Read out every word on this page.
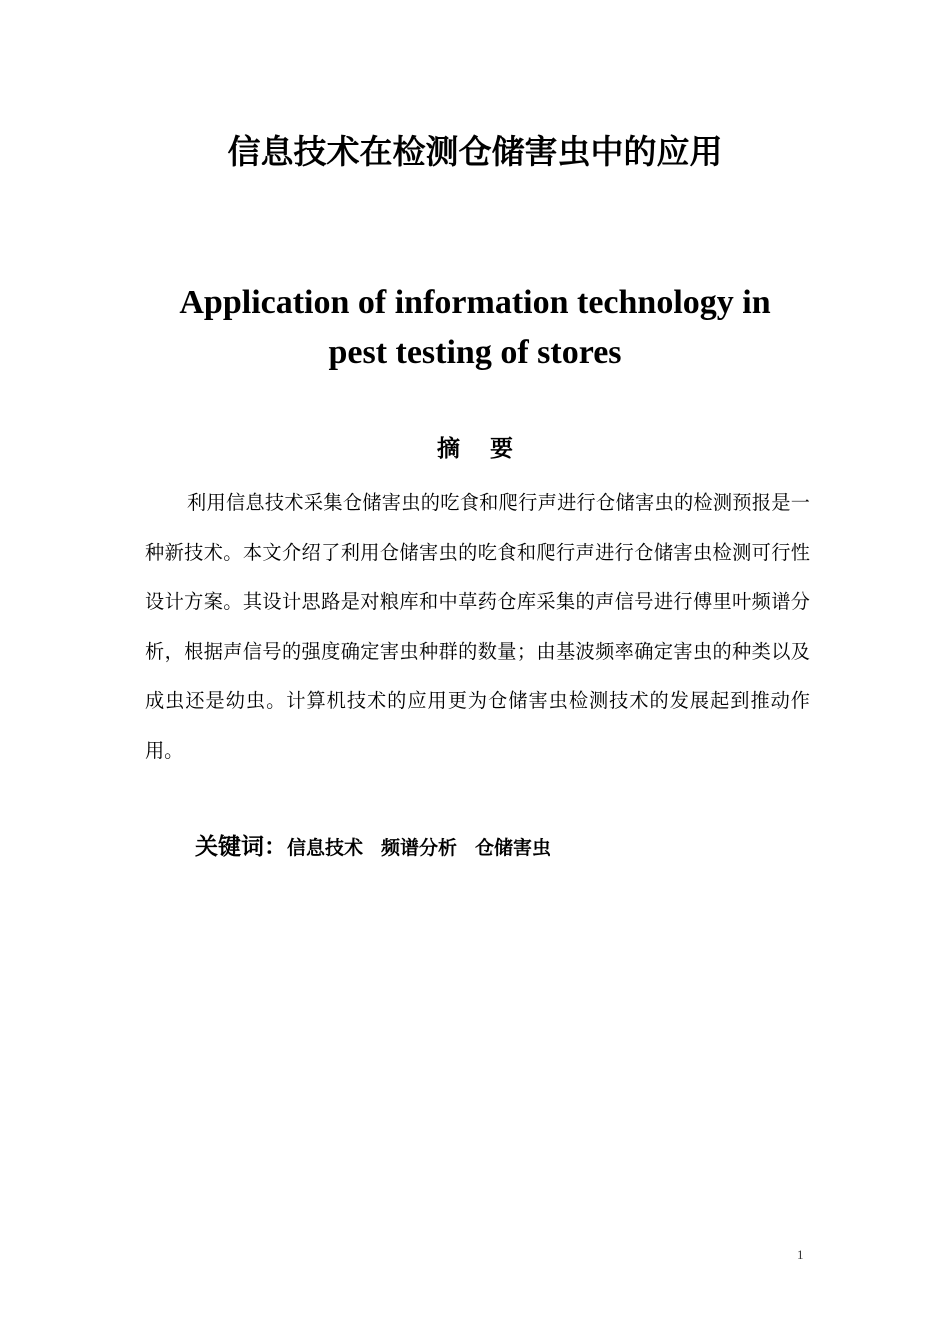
信息技术在检测仓储害虫中的应用
Application of information technology in
pest testing of stores
摘要

利用信息技术采集仓储害虫的吃食和爬行声进行仓储害虫的检测预报是一种新技术。本文介绍了利用仓储害虫的吃食和爬行声进行仓储害虫检测可行性设计方案。其设计思路是对粮库和中草药仓库采集的声信号进行傅里叶频谱分析，根据声信号的强度确定害虫种群的数量；由基波频率确定害虫的种类以及成虫还是幼虫。计算机技术的应用更为仓储害虫检测技术的发展起到推动作用。

关键词：信息技术 频谱分析 仓储害虫
1
